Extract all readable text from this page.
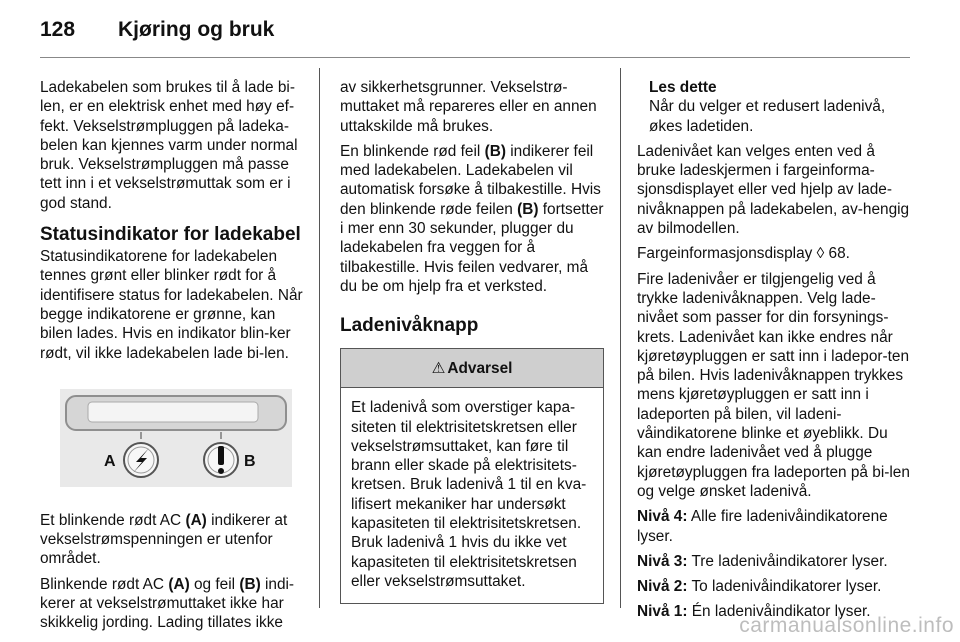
128 Kjøring og bruk

Ladekabelen som brukes til å lade bi-len, er en elektrisk enhet med høy ef-fekt. Vekselstrømpluggen på ladeka-belen kan kjennes varm under normal bruk. Vekselstrømpluggen må passe tett inn i et vekselstrømuttak som er i god stand.

Statusindikator for ladekabel

Statusindikatorene for ladekabelen tennes grønt eller blinker rødt for å identifisere status for ladekabelen. Når begge indikatorene er grønne, kan bilen lades. Hvis en indikator blin-ker rødt, vil ikke ladekabelen lade bi-len.

A	B

Et blinkende rødt AC (A) indikerer at vekselstrømspenningen er utenfor området.

Blinkende rødt AC (A) og feil (B) indi-kerer at vekselstrømuttaket ikke har skikkelig jording. Lading tillates ikke

av sikkerhetsgrunner. Vekselstrø-muttaket må repareres eller en annen uttakskilde må brukes.

En blinkende rød feil (B) indikerer feil med ladekabelen. Ladekabelen vil automatisk forsøke å tilbakestille. Hvis den blinkende røde feilen (B) fortsetter i mer enn 30 sekunder, plugger du ladekabelen fra veggen for å tilbakestille. Hvis feilen vedvarer, må du be om hjelp fra et verksted.

Ladenivåknapp
⚠ Advarsel
Et ladenivå som overstiger kapa-siteten til elektrisitetskretsen eller vekselstrømsuttaket, kan føre til brann eller skade på elektrisitets-kretsen. Bruk ladenivå 1 til en kva-lifisert mekaniker har undersøkt kapasiteten til elektrisitetskretsen. Bruk ladenivå 1 hvis du ikke vet kapasiteten til elektrisitetskretsen eller vekselstrømsuttaket.
Les dette
Når du velger et redusert ladenivå, økes ladetiden.

Ladenivået kan velges enten ved å bruke ladeskjermen i fargeinforma-sjonsdisplayet eller ved hjelp av lade-nivåknappen på ladekabelen, av-hengig av bilmodellen.

Fargeinformasjonsdisplay ◊ 68.

Fire ladenivåer er tilgjengelig ved å trykke ladenivåknappen. Velg lade-nivået som passer for din forsynings-krets. Ladenivået kan ikke endres når kjøretøypluggen er satt inn i ladepor-ten på bilen. Hvis ladenivåknappen trykkes mens kjøretøypluggen er satt inn i ladeporten på bilen, vil ladeni-våindikatorene blinke et øyeblikk. Du kan endre ladenivået ved å plugge kjøretøypluggen fra ladeporten på bi-len og velge ønsket ladenivå.

Nivå 4: Alle fire ladenivåindikatorene lyser.

Nivå 3: Tre ladenivåindikatorer lyser.

Nivå 2: To ladenivåindikatorer lyser.

Nivå 1: Én ladenivåindikator lyser.

carmanualsonline.info
